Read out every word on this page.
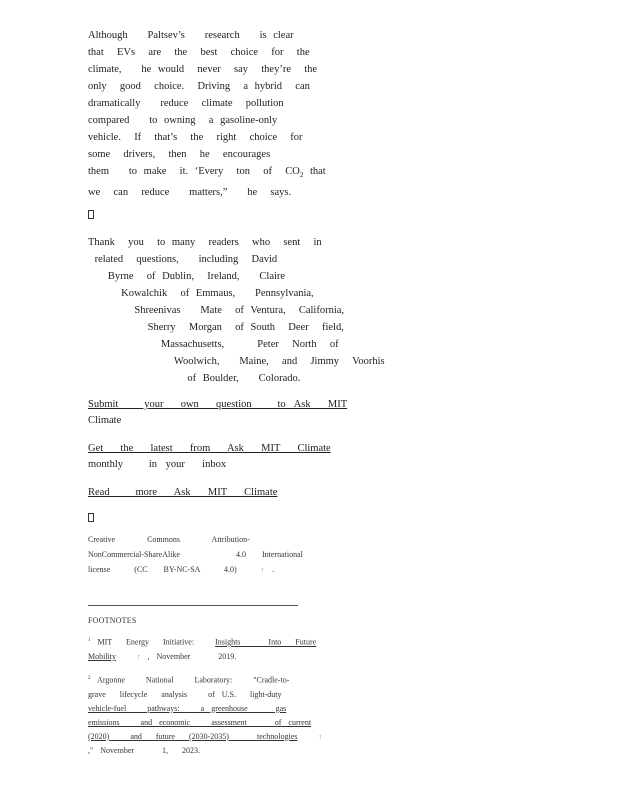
Although   Paltsev’s   research   is clear
that  EVs  are  the  best  choice  for  the
climate,   he would  never  say  they’re  the
only  good  choice.  Driving  a hybrid  can
dramatically   reduce  climate  pollution
compared   to owning  a gasoline-only
vehicle.  If  that’s  the  right  choice  for
some  drivers,  then  he  encourages
them   to make  it. ‘Every  ton  of  $CO_2$ that
we  can  reduce   matters,”   he  says.

Thank  you  to many  readers  who  sent  in
related  questions,   including  David
Byrne  of Dublin,  Ireland,   Claire
Kowalchik  of Emmaus,   Pennsylvania,
Shreenivas   Mate  of Ventura,  California,
Sherry  Morgan  of South  Deer  field,
Massachusetts,     Peter  North  of
Woolwich,   Maine,  and  Jimmy  Voorhis
of Boulder,   Colorado.

Submit   your  own  question   to Ask  MIT
Climate
Get  the  latest  from  Ask  MIT  Climate
monthly   in your  inbox
Read   more  Ask  MIT  Climate
Creative    Commons    Attribution-
NonCommercial-ShareAlike       4.0  International
license   (CC  BY-NC-SA   4.0)	↑ .
FOOTNOTES
$^1$ MIT  Energy  Initiative:   Insights    Into  Future
Mobility	↑ , November    2019.
$^2$ Argonne   National   Laboratory:   "Cradle-to-
grave  lifecycle  analysis   of U.S.  light-duty
vehicle-fuel   pathways:   a greenhouse    gas
emissions   and economic   assessment    of current
(2020)   and  future  (2030-2035)    technologies	↑
," November    1,  2023.
